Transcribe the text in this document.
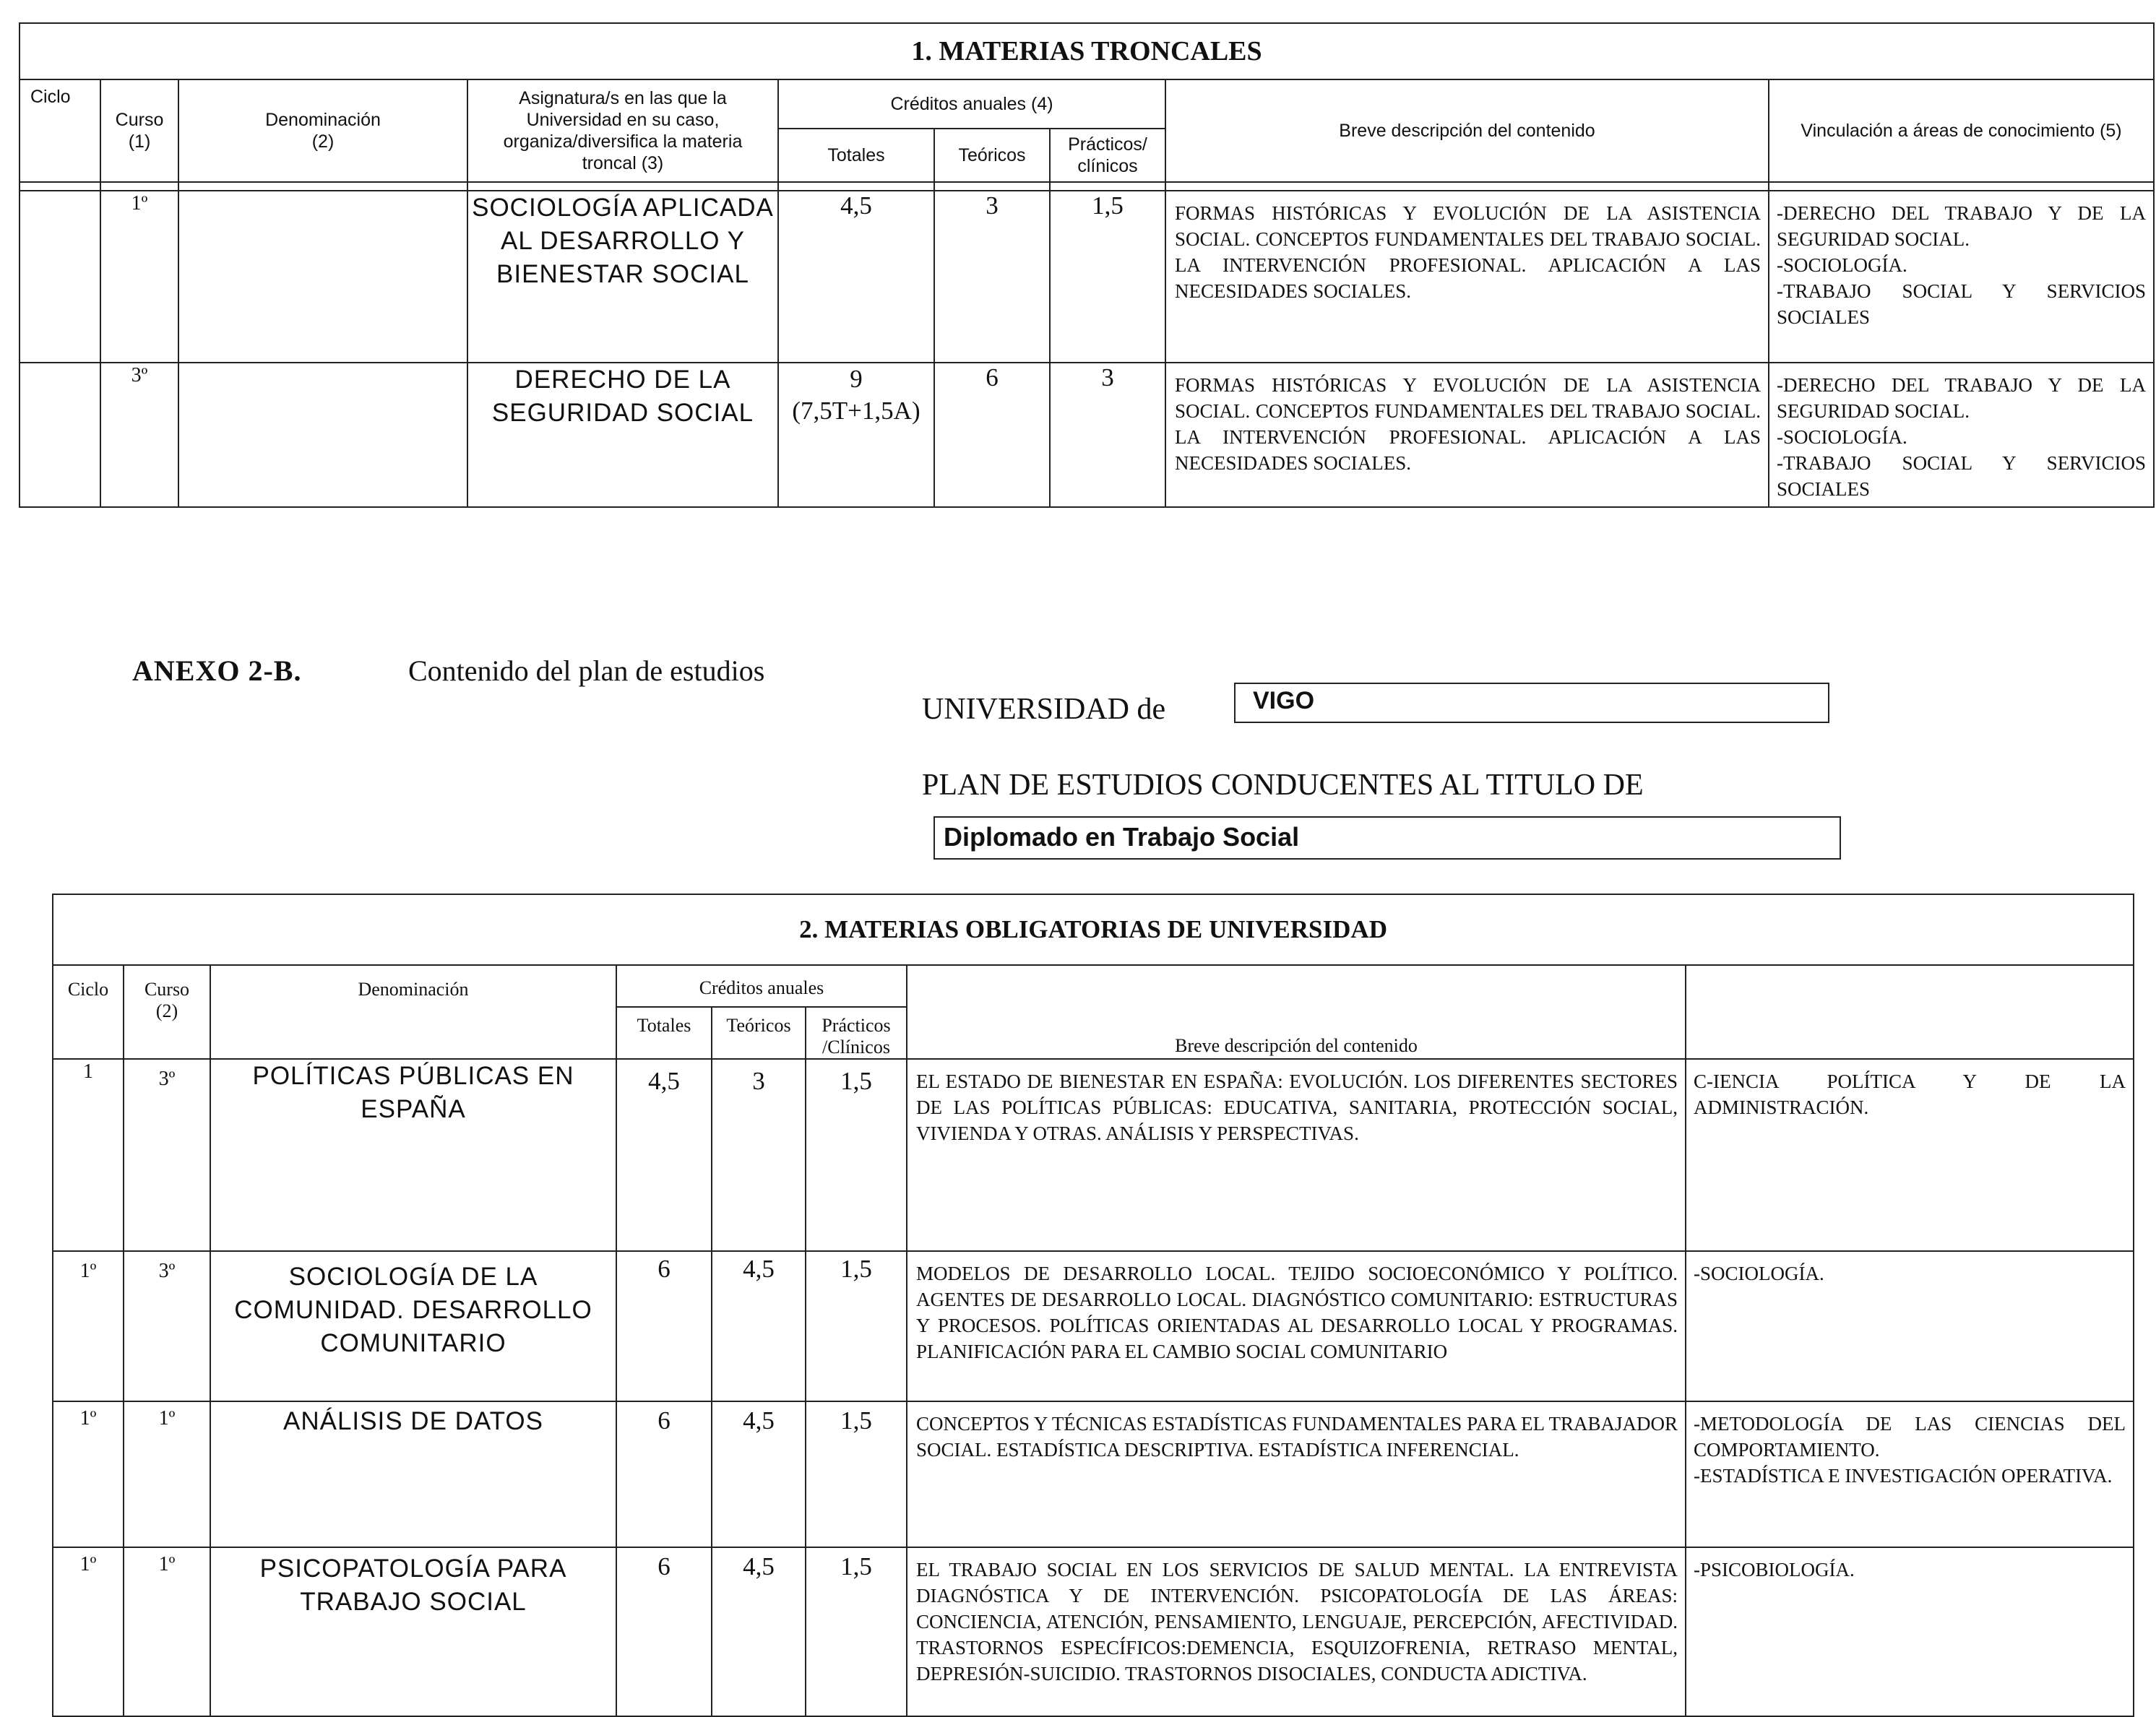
1. MATERIAS TRONCALES								
Ciclo	Curso
(1)	Denominación
(2)	Asignatura/s en las que la Universidad en su caso, organiza/diversifica la materia troncal (3)	Créditos anuales (4)			Breve descripción del contenido	Vinculación a áreas de conocimiento (5)
				Totales	Teóricos	Prácticos/ clínicos		

	1º		SOCIOLOGÍA APLICADA AL DESARROLLO Y BIENESTAR SOCIAL	4,5	3	1,5	FORMAS HISTÓRICAS Y EVOLUCIÓN DE LA ASISTENCIA SOCIAL. CONCEPTOS FUNDAMENTALES DEL TRABAJO SOCIAL. LA INTERVENCIÓN PROFESIONAL. APLICACIÓN A LAS NECESIDADES SOCIALES.	-DERECHO DEL TRABAJO Y DE LA SEGURIDAD SOCIAL.
-SOCIOLOGÍA.
-TRABAJO SOCIAL Y SERVICIOS SOCIALES
	3º		DERECHO DE LA SEGURIDAD SOCIAL	9
(7,5T+1,5A)	6	3	FORMAS HISTÓRICAS Y EVOLUCIÓN DE LA ASISTENCIA SOCIAL. CONCEPTOS FUNDAMENTALES DEL TRABAJO SOCIAL. LA INTERVENCIÓN PROFESIONAL. APLICACIÓN A LAS NECESIDADES SOCIALES.	-DERECHO DEL TRABAJO Y DE LA SEGURIDAD SOCIAL.
-SOCIOLOGÍA.
-TRABAJO SOCIAL Y SERVICIOS SOCIALES
ANEXO 2-B.	Contenido del plan de estudios
UNIVERSIDAD de	VIGO
PLAN DE ESTUDIOS CONDUCENTES AL TITULO DE
Diplomado en Trabajo Social
2. MATERIAS OBLIGATORIAS DE UNIVERSIDAD							
Ciclo	Curso
(2)	Denominación	Créditos anuales			Breve descripción del contenido	
			Totales	Teóricos	Prácticos
/Clínicos		
1	3º	POLÍTICAS PÚBLICAS EN ESPAÑA	4,5	3	1,5	EL ESTADO DE BIENESTAR EN ESPAÑA: EVOLUCIÓN. LOS DIFERENTES SECTORES DE LAS POLÍTICAS PÚBLICAS: EDUCATIVA, SANITARIA, PROTECCIÓN SOCIAL, VIVIENDA Y OTRAS. ANÁLISIS Y PERSPECTIVAS.	C-IENCIA POLÍTICA Y DE LA ADMINISTRACIÓN.
1º	3º	SOCIOLOGÍA DE LA COMUNIDAD. DESARROLLO COMUNITARIO	6	4,5	1,5	MODELOS DE DESARROLLO LOCAL. TEJIDO SOCIOECONÓMICO Y POLÍTICO. AGENTES DE DESARROLLO LOCAL. DIAGNÓSTICO COMUNITARIO: ESTRUCTURAS Y PROCESOS. POLÍTICAS ORIENTADAS AL DESARROLLO LOCAL Y PROGRAMAS. PLANIFICACIÓN PARA EL CAMBIO SOCIAL COMUNITARIO	-SOCIOLOGÍA.
1º	1º	ANÁLISIS DE DATOS	6	4,5	1,5	CONCEPTOS Y TÉCNICAS ESTADÍSTICAS FUNDAMENTALES PARA EL TRABAJADOR SOCIAL. ESTADÍSTICA DESCRIPTIVA. ESTADÍSTICA INFERENCIAL.	-METODOLOGÍA DE LAS CIENCIAS DEL COMPORTAMIENTO.
-ESTADÍSTICA E INVESTIGACIÓN OPERATIVA.
1º	1º	PSICOPATOLOGÍA PARA TRABAJO SOCIAL	6	4,5	1,5	EL TRABAJO SOCIAL EN LOS SERVICIOS DE SALUD MENTAL. LA ENTREVISTA DIAGNÓSTICA Y DE INTERVENCIÓN. PSICOPATOLOGÍA DE LAS ÁREAS: CONCIENCIA, ATENCIÓN, PENSAMIENTO, LENGUAJE, PERCEPCIÓN, AFECTIVIDAD. TRASTORNOS ESPECÍFICOS:DEMENCIA, ESQUIZOFRENIA, RETRASO MENTAL, DEPRESIÓN-SUICIDIO. TRASTORNOS DISOCIALES, CONDUCTA ADICTIVA.	-PSICOBIOLOGÍA.
